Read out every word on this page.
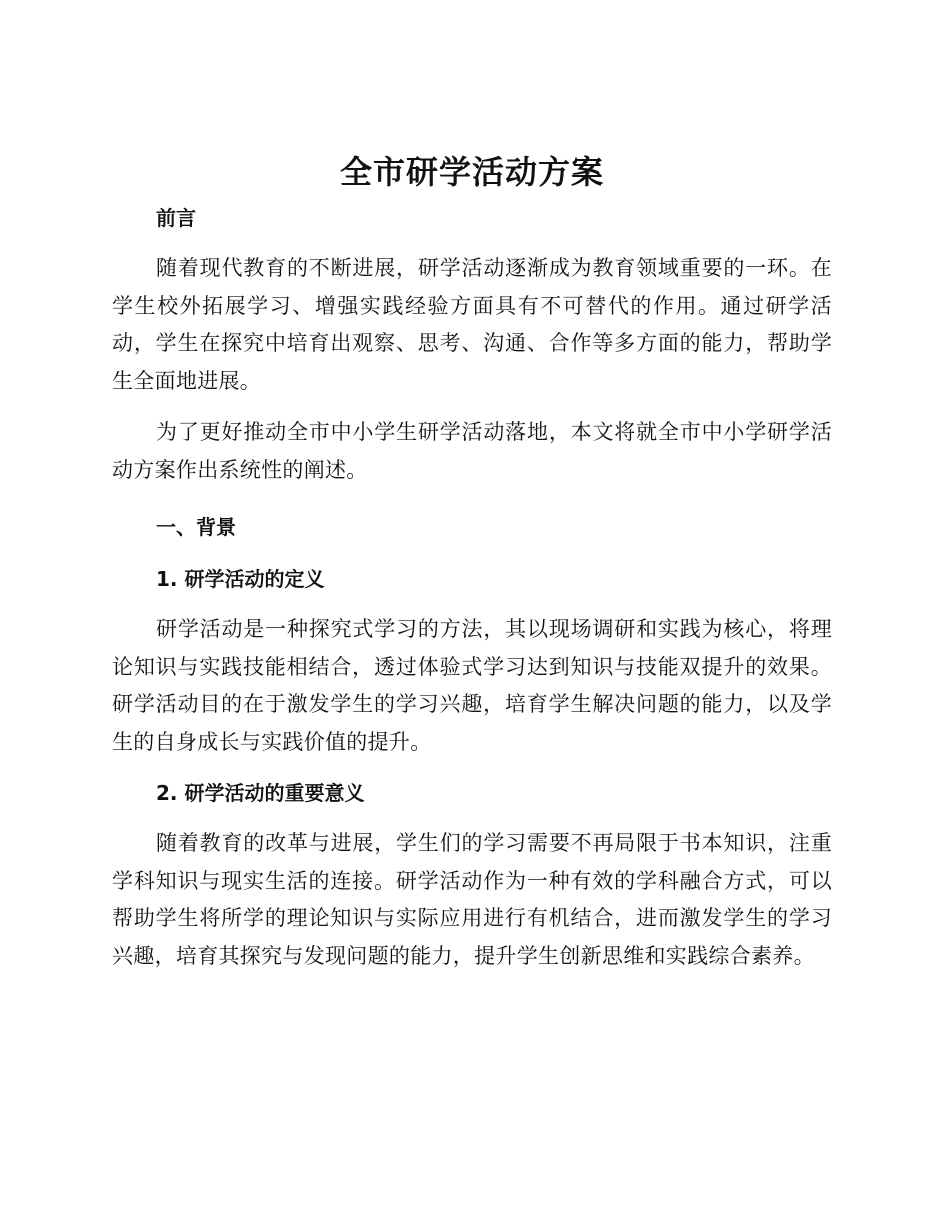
全市研学活动方案
前言

随着现代教育的不断进展，研学活动逐渐成为教育领域重要的一环。在学生校外拓展学习、增强实践经验方面具有不可替代的作用。通过研学活动，学生在探究中培育出观察、思考、沟通、合作等多方面的能力，帮助学生全面地进展。

为了更好推动全市中小学生研学活动落地，本文将就全市中小学研学活动方案作出系统性的阐述。

一、背景
1. 研学活动的定义

研学活动是一种探究式学习的方法，其以现场调研和实践为核心，将理论知识与实践技能相结合，透过体验式学习达到知识与技能双提升的效果。研学活动目的在于激发学生的学习兴趣，培育学生解决问题的能力，以及学生的自身成长与实践价值的提升。

2. 研学活动的重要意义

随着教育的改革与进展，学生们的学习需要不再局限于书本知识，注重学科知识与现实生活的连接。研学活动作为一种有效的学科融合方式，可以帮助学生将所学的理论知识与实际应用进行有机结合，进而激发学生的学习兴趣，培育其探究与发现问题的能力，提升学生创新思维和实践综合素养。
